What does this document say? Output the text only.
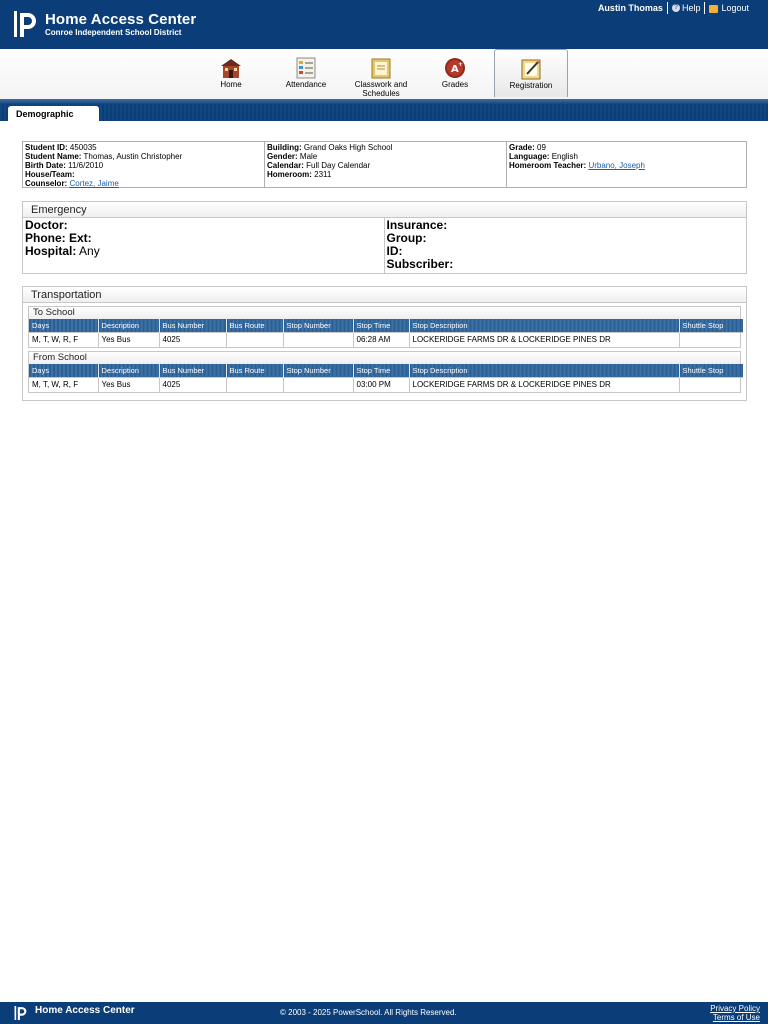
Home Access Center
Conroe Independent School District
Austin Thomas ? Help Logout
Home	Attendance	Classwork and Schedules
A +
Grades	Registration
Demographic
Student ID: 450035
Student Name: Thomas, Austin Christopher
Birth Date: 11/6/2010
House/Team:
Counselor: Cortez, Jaime
Building: Grand Oaks High School
Gender: Male
Calendar: Full Day Calendar
Homeroom: 2311
Grade: 09
Language: English
Homeroom Teacher: Urbano, Joseph
Emergency
Doctor:
Phone: Ext:
Hospital: Any
Insurance:
Group:
ID:
Subscriber:
Transportation
To School
Days	Description	Bus Number	Bus Route	Stop Number	Stop Time	Stop Description	Shuttle Stop
M, T, W, R, F	Yes Bus	4025			06:28 AM	LOCKERIDGE FARMS DR & LOCKERIDGE PINES DR	
From School
Days	Description	Bus Number	Bus Route	Stop Number	Stop Time	Stop Description	Shuttle Stop
M, T, W, R, F	Yes Bus	4025			03:00 PM	LOCKERIDGE FARMS DR & LOCKERIDGE PINES DR	
Home Access Center	© 2003 - 2025 PowerSchool. All Rights Reserved.	Privacy Policy
Terms of Use
